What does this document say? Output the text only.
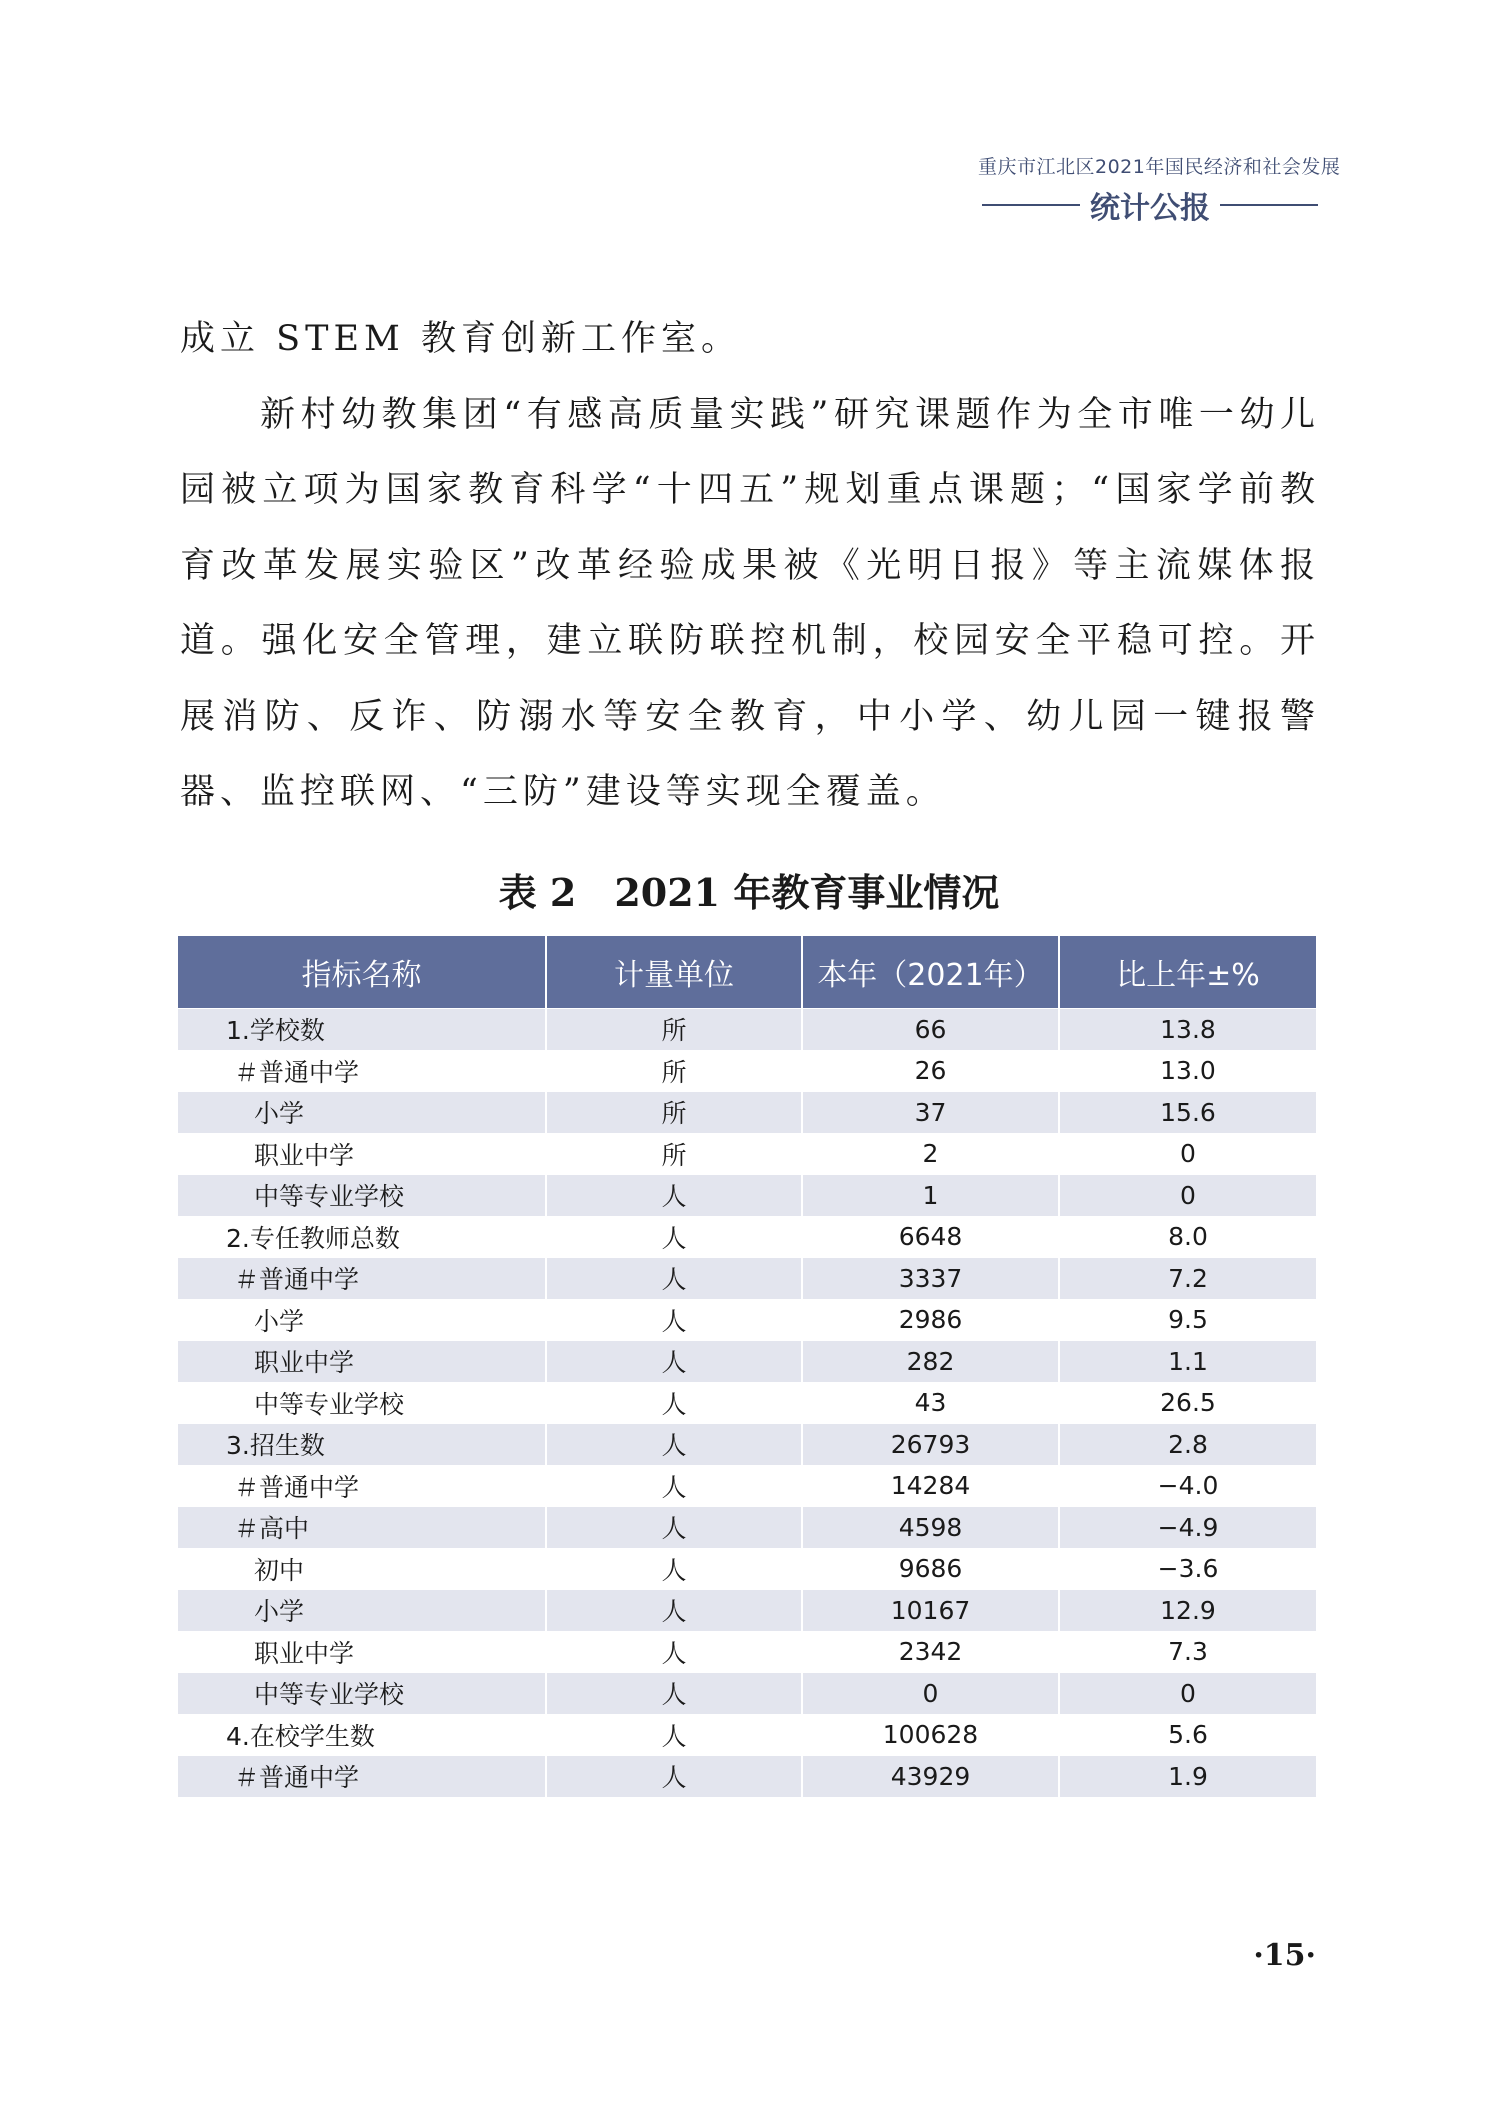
重庆市江北区2021年国民经济和社会发展
统计公报

成立 STEM 教育创新工作室。

新村幼教集团“有感高质量实践”研究课题作为全市唯一幼儿园被立项为国家教育科学“十四五”规划重点课题；“国家学前教育改革发展实验区”改革经验成果被《光明日报》等主流媒体报道。强化安全管理，建立联防联控机制，校园安全平稳可控。开展消防、反诈、防溺水等安全教育，中小学、幼儿园一键报警器、监控联网、“三防”建设等实现全覆盖。

表 2　2021 年教育事业情况
指标名称	计量单位	本年（2021年）	比上年±%
1.学校数	所	66	13.8
＃普通中学	所	26	13.0
小学	所	37	15.6
职业中学	所	2	0
中等专业学校	人	1	0
2.专任教师总数	人	6648	8.0
＃普通中学	人	3337	7.2
小学	人	2986	9.5
职业中学	人	282	1.1
中等专业学校	人	43	26.5
3.招生数	人	26793	2.8
＃普通中学	人	14284	−4.0
＃高中	人	4598	−4.9
初中	人	9686	−3.6
小学	人	10167	12.9
职业中学	人	2342	7.3
中等专业学校	人	0	0
4.在校学生数	人	100628	5.6
＃普通中学	人	43929	1.9
·15·
